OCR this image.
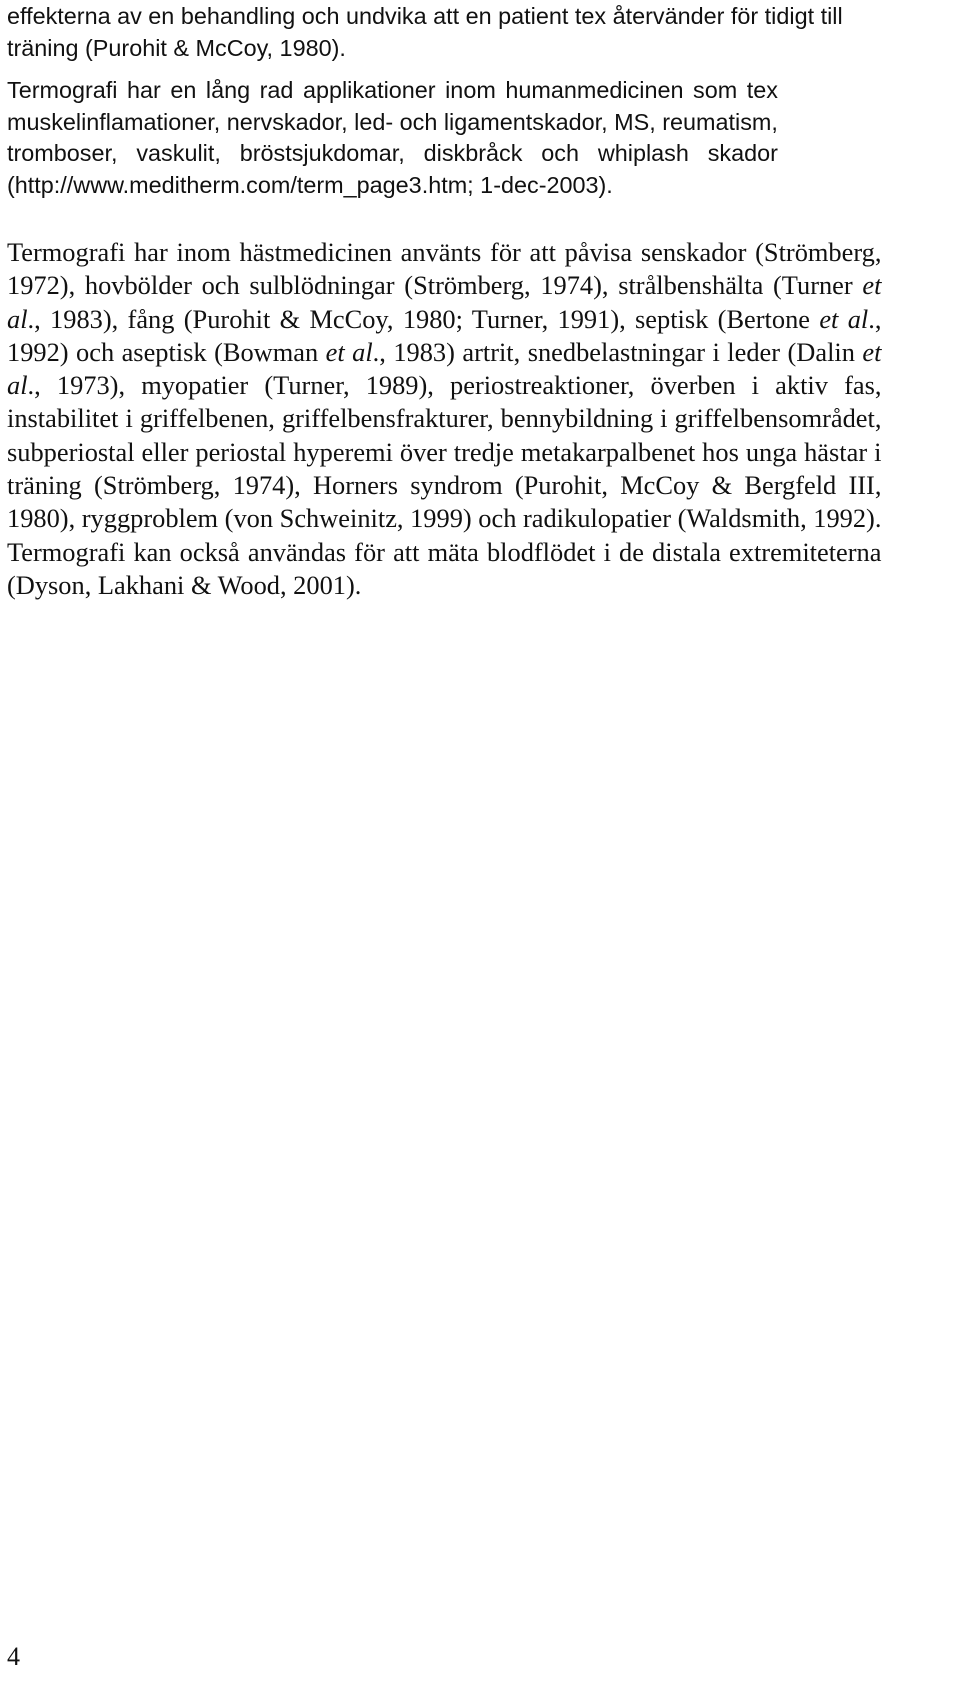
effekterna av en behandling och undvika att en patient tex återvänder för tidigt till
träning (Purohit & McCoy, 1980).
Termografi har en lång rad applikationer inom humanmedicinen som tex
muskelinflamationer, nervskador, led- och ligamentskador, MS, reumatism,
tromboser, vaskulit, bröstsjukdomar, diskbråck och whiplash skador
(http://www.meditherm.com/term_page3.htm; 1-dec-2003).
Termografi har inom hästmedicinen använts för att påvisa senskador (Strömberg,
1972), hovbölder och sulblödningar (Strömberg, 1974), strålbenshälta (Turner et
al., 1983), fång (Purohit & McCoy, 1980; Turner, 1991), septisk (Bertone et al.,
1992) och aseptisk (Bowman et al., 1983) artrit, snedbelastningar i leder (Dalin et
al., 1973), myopatier (Turner, 1989), periostreaktioner, överben i aktiv fas,
instabilitet i griffelbenen, griffelbensfrakturer, bennybildning i griffelbensområdet,
subperiostal eller periostal hyperemi över tredje metakarpalbenet hos unga hästar i
träning (Strömberg, 1974), Horners syndrom (Purohit, McCoy & Bergfeld III,
1980), ryggproblem (von Schweinitz, 1999) och radikulopatier (Waldsmith, 1992).
Termografi kan också användas för att mäta blodflödet i de distala extremiteterna
(Dyson, Lakhani & Wood, 2001).
4
